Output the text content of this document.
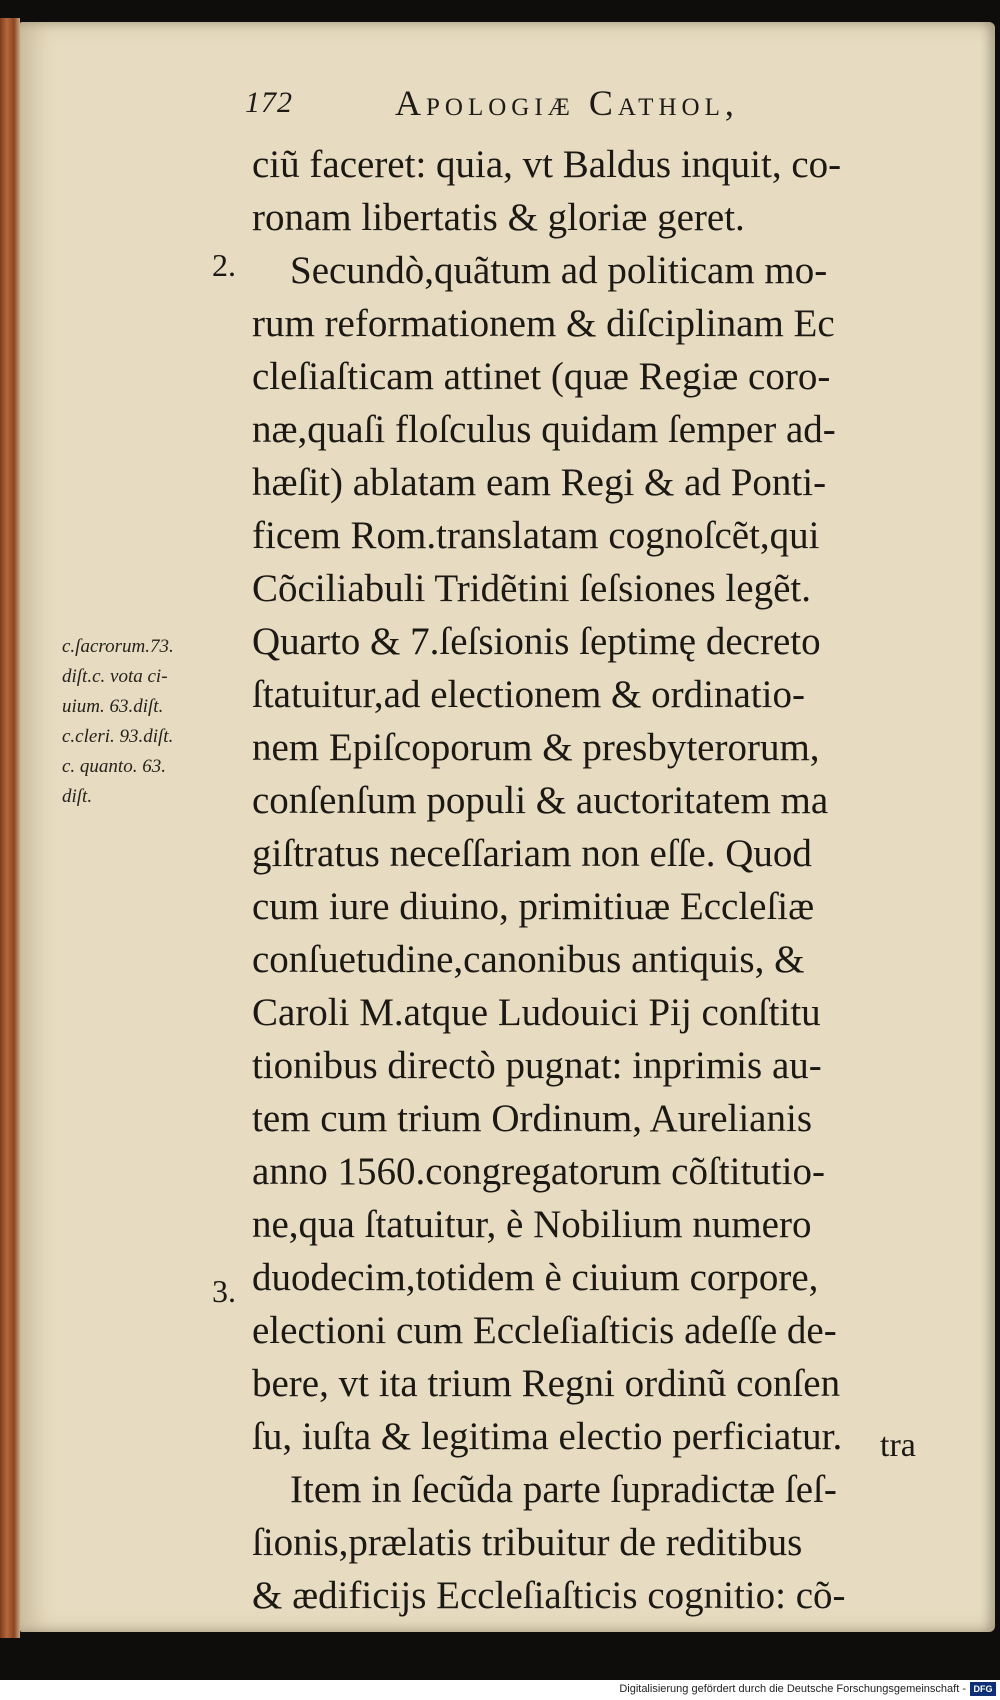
172	Apologiæ Cathol,
2.
3.
ciũ faceret: quia, vt Baldus inquit, co-
ronam libertatis & gloriæ geret.
Secundò,quãtum ad politicam mo-
rum reformationem & diſciplinam Ec
cleſiaſticam attinet (quæ Regiæ coro-
næ,quaſi floſculus quidam ſemper ad-
hæſit) ablatam eam Regi & ad Ponti-
ficem Rom.translatam cognoſcẽt,qui
Cõciliabuli Tridẽtini ſeſsiones legẽt.
Quarto & 7.ſeſsionis ſeptimę decreto
ſtatuitur,ad electionem & ordinatio-
nem Epiſcoporum & presbyterorum,
conſenſum populi & auctoritatem ma
giſtratus neceſſariam non eſſe. Quod
cum iure diuino, primitiuæ Eccleſiæ
conſuetudine,canonibus antiquis, &
Caroli M.atque Ludouici Pij conſtitu
tionibus directò pugnat: inprimis au-
tem cum trium Ordinum, Aurelianis
anno 1560.congregatorum cõſtitutio-
ne,qua ſtatuitur, è Nobilium numero
duodecim,totidem è ciuium corpore,
electioni cum Eccleſiaſticis adeſſe de-
bere, vt ita trium Regni ordinũ conſen
ſu, iuſta & legitima electio perficiatur.
Item in ſecũda parte ſupradictæ ſeſ-
ſionis,prælatis tribuitur de reditibus
& ædificijs Eccleſiaſticis cognitio: cõ-
c.ſacrorum.73.
diſt.c. vota ci-
uium. 63.diſt.
c.cleri. 93.diſt.
c. quanto. 63.
diſt.
tra
Digitalisierung gefördert durch die Deutsche Forschungsgemeinschaft - DFG
